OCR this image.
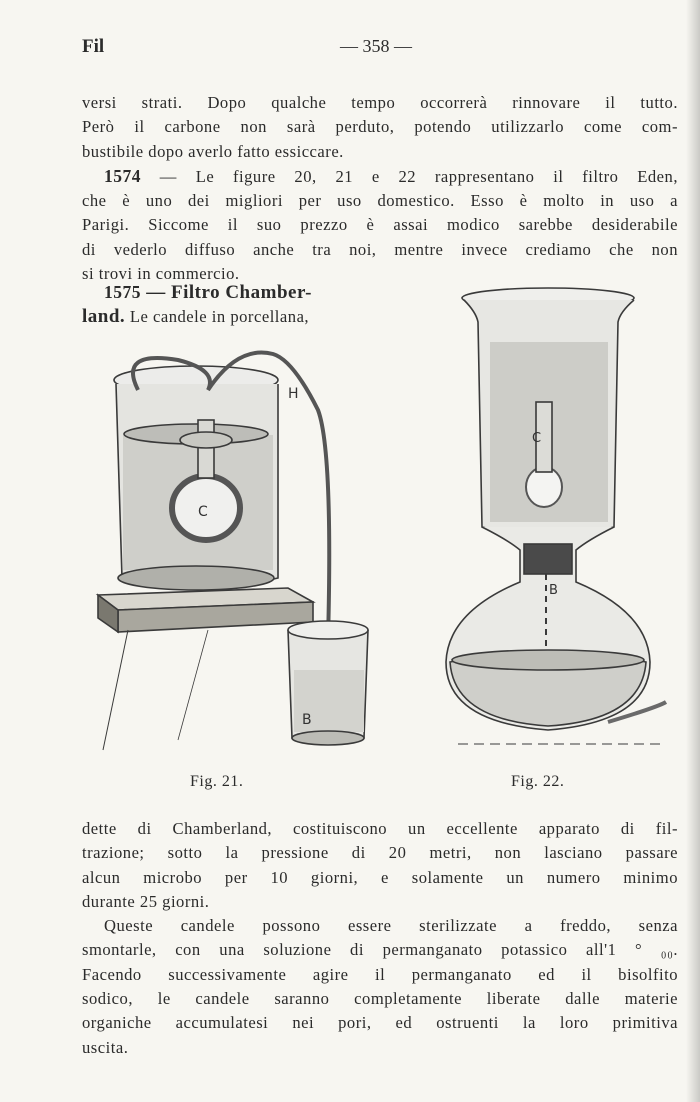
Fil	— 358 —

versi strati. Dopo qualche tempo occorrerà rinnovare il tutto.

Però il carbone non sarà perduto, potendo utilizzarlo come com-

bustibile dopo averlo fatto essiccare.

1574 — Le figure 20, 21 e 22 rappresentano il filtro Eden,

che è uno dei migliori per uso domestico. Esso è molto in uso a

Parigi. Siccome il suo prezzo è assai modico sarebbe desiderabile

di vederlo diffuso anche tra noi, mentre invece crediamo che non

si trovi in commercio.

1575 — Filtro Chamber-

land. Le candele in porcellana,

H
C
B
C
B
Fig. 21.	Fig. 22.

dette di Chamberland, costituiscono un eccellente apparato di fil-

trazione; sotto la pressione di 20 metri, non lasciano passare

alcun microbo per 10 giorni, e solamente un numero minimo

durante 25 giorni.

Queste candele possono essere sterilizzate a freddo, senza

smontarle, con una soluzione di permanganato potassico all'1 ° ₀₀.

Facendo successivamente agire il permanganato ed il bisolfito

sodico, le candele saranno completamente liberate dalle materie

organiche accumulatesi nei pori, ed ostruenti la loro primitiva

uscita.
